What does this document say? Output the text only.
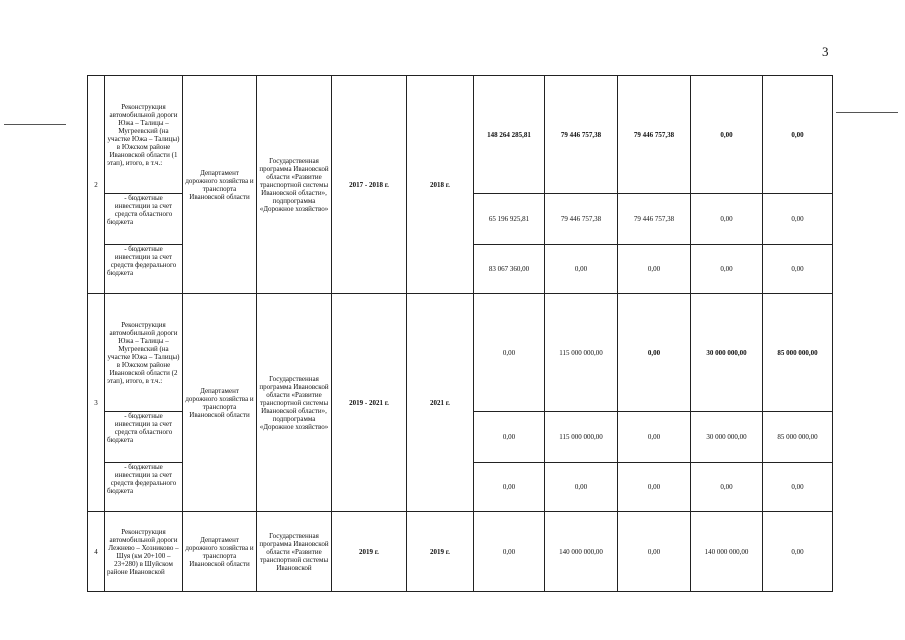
3
2	Реконструкция автомобильной дороги Южа – Талицы – Мугреевский (на участке Южа – Талицы) в Южском районе Ивановской области (1 этап), итого, в т.ч.:	Департамент дорожного хозяйства и транспорта Ивановской области	Государственная программа Ивановской области «Развитие транспортной системы Ивановской области», подпрограмма «Дорожное хозяйство»	2017 - 2018 г.	2018 г.	148 264 285,81	79 446 757,38	79 446 757,38	0,00	0,00
	- бюджетные инвестиции за счет средств областного бюджета					65 196 925,81	79 446 757,38	79 446 757,38	0,00	0,00
	- бюджетные инвестиции за счет средств федерального бюджета					83 067 360,00	0,00	0,00	0,00	0,00
3	Реконструкция автомобильной дороги Южа – Талицы – Мугреевский (на участке Южа – Талицы) в Южском районе Ивановской области (2 этап), итого, в т.ч.:	Департамент дорожного хозяйства и транспорта Ивановской области	Государственная программа Ивановской области «Развитие транспортной системы Ивановской области», подпрограмма «Дорожное хозяйство»	2019 - 2021 г.	2021 г.	0,00	115 000 000,00	0,00	30 000 000,00	85 000 000,00
	- бюджетные инвестиции за счет средств областного бюджета					0,00	115 000 000,00	0,00	30 000 000,00	85 000 000,00
	- бюджетные инвестиции за счет средств федерального бюджета					0,00	0,00	0,00	0,00	0,00
4	Реконструкция автомобильной дороги Лежнево – Хозниково – Шуя (км 20+100 – 23+280) в Шуйском районе Ивановской	Департамент дорожного хозяйства и транспорта Ивановской области	Государственная программа Ивановской области «Развитие транспортной системы Ивановской	2019 г.	2019 г.	0,00	140 000 000,00	0,00	140 000 000,00	0,00
